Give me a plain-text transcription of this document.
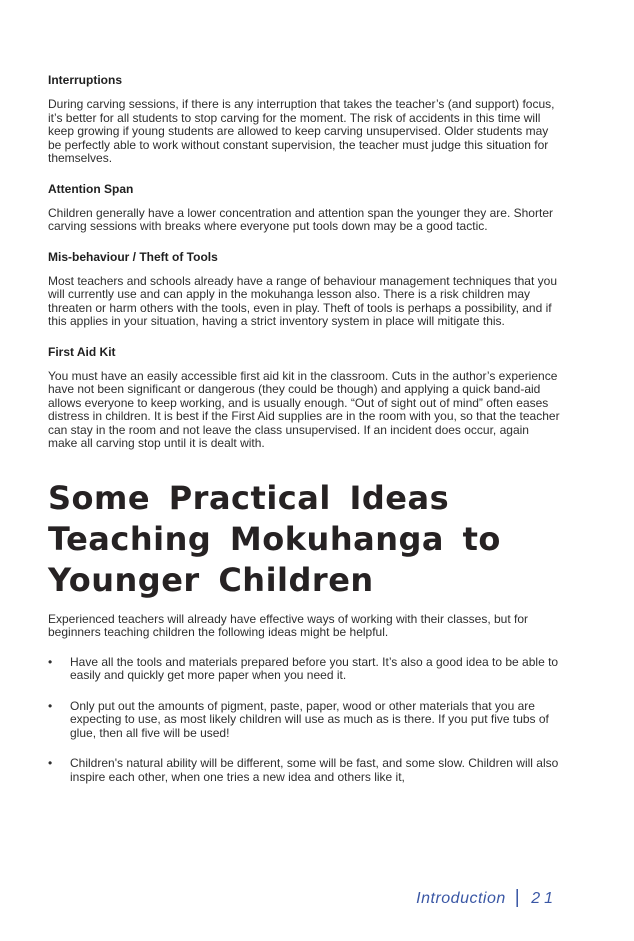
Interruptions

During carving sessions, if there is any interruption that takes the teacher’s (and support) focus, it’s better for all students to stop carving for the moment. The risk of accidents in this time will keep growing if young students are allowed to keep carving unsupervised. Older students may be perfectly able to work without constant supervision, the teacher must judge this situation for themselves.

Attention Span

Children generally have a lower concentration and attention span the younger they are. Shorter carving sessions with breaks where everyone put tools down may be a good tactic.

Mis-behaviour / Theft of Tools

Most teachers and schools already have a range of behaviour management techniques that you will currently use and can apply in the mokuhanga lesson also. There is a risk children may threaten or harm others with the tools, even in play. Theft of tools is perhaps a possibility, and if this applies in your situation, having a strict inventory system in place will mitigate this.

First Aid Kit

You must have an easily accessible first aid kit in the classroom. Cuts in the author’s experience have not been significant or dangerous (they could be though) and applying a quick band-aid allows everyone to keep working, and is usually enough. “Out of sight out of mind” often eases distress in children. It is best if the First Aid supplies are in the room with you, so that the teacher can stay in the room and not leave the class unsupervised. If an incident does occur, again make all carving stop until it is dealt with.

Some Practical Ideas
Teaching Mokuhanga to
Younger Children

Experienced teachers will already have effective ways of working with their classes, but for beginners teaching children the following ideas might be helpful.

•	Have all the tools and materials prepared before you start. It’s also a good idea to be able to easily and quickly get more paper when you need it.
•	Only put out the amounts of pigment, paste, paper, wood or other materials that you are expecting to use, as most likely children will use as much as is there. If you put five tubs of glue, then all five will be used!
•	Children's natural ability will be different, some will be fast, and some slow. Children will also inspire each other, when one tries a new idea and others like it,
Introduction | 21
